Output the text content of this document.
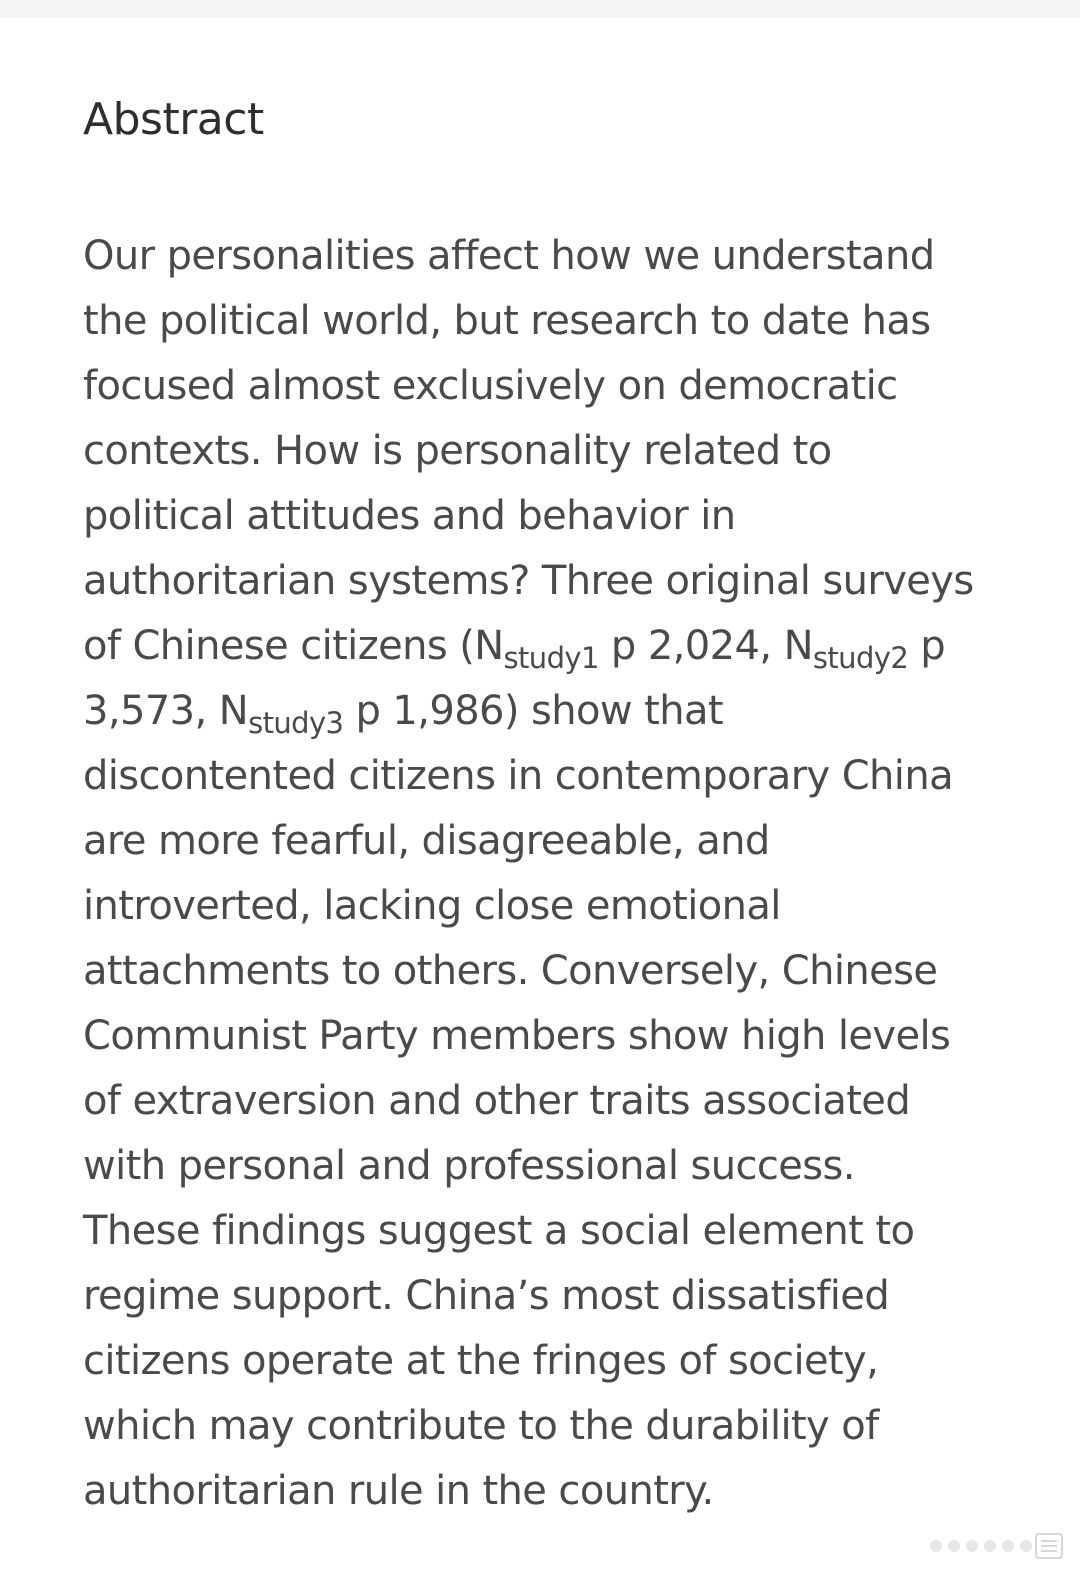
Abstract
Our personalities affect how we understand
the political world, but research to date has
focused almost exclusively on democratic
contexts. How is personality related to
political attitudes and behavior in
authoritarian systems? Three original surveys
of Chinese citizens ($N_{study1}$ p 2,024, $N_{study2}$ p
3,573, $N_{study3}$ p 1,986) show that
discontented citizens in contemporary China
are more fearful, disagreeable, and
introverted, lacking close emotional
attachments to others. Conversely, Chinese
Communist Party members show high levels
of extraversion and other traits associated
with personal and professional success.
These findings suggest a social element to
regime support. China’s most dissatisfied
citizens operate at the fringes of society,
which may contribute to the durability of
authoritarian rule in the country.
